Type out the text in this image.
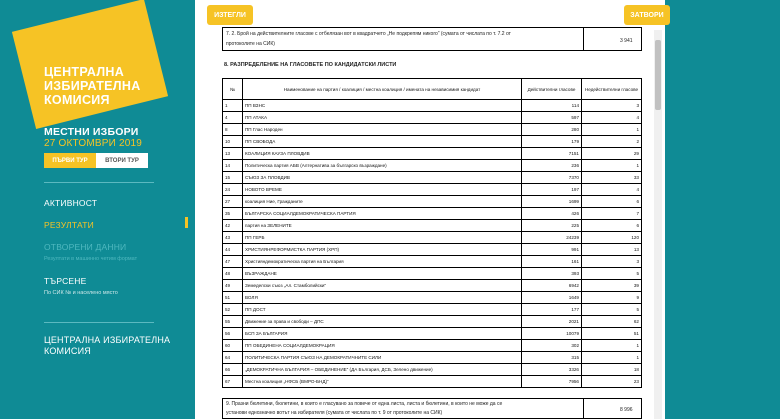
ЦЕНТРАЛНА
ИЗБИРАТЕЛНА
КОМИСИЯ
МЕСТНИ ИЗБОРИ
27 ОКТОМВРИ 2019
ПЪРВИ ТУР	ВТОРИ ТУР
АКТИВНОСТ
РЕЗУЛТАТИ
ОТВОРЕНИ ДАННИ
Резултати в машинно четим формат
ТЪРСЕНЕ
По СИК № и населено място
ЦЕНТРАЛНА ИЗБИРАТЕЛНА
КОМИСИЯ
ИЗТЕГЛИ	ЗАТВОРИ
7. 2. Брой на действителните гласове с отбелязан вот в квадратчето „Не подкрепям никого“ (сумата от числата по т. 7.2 от
протоколите на СИК)	3 941
8. РАЗПРЕДЕЛЕНИЕ НА ГЛАСОВЕТЕ ПО КАНДИДАТСКИ ЛИСТИ
№	Наименование на партия / коалиция / местна коалиция / имената на независимия кандидат	Действителни гласове	Недействителни гласове
1	ПП ВЗНС	114	3
4	ПП АТАКА	597	4
8	ПП Глас Народен	280	1
10	ПП СВОБОДА	179	2
13	КОАЛИЦИЯ КАУЗА ПЛОВДИВ	7151	29
14	Политическа партия АБВ (Алтернатива за българско възраждане)	236	1
15	СЪЮЗ ЗА ПЛОВДИВ	7370	33
24	НОВОТО ВРЕМЕ	197	4
27	коалиция Ние, Гражданите	1699	6
35	БЪЛГАРСКА СОЦИАЛДЕМОКРАТИЧЕСКА ПАРТИЯ	426	7
42	партия на ЗЕЛЕНИТЕ	225	6
43	ПП ГЕРБ	24239	120
44	ХРИСТИЯНРЕФОРМИСТКА ПАРТИЯ (ХРП)	991	13
47	Християндемократическа партия на България	161	3
48	ВЪЗРАЖДАНЕ	393	5
49	Земеделски съюз „Ал. Стамболийски“	6942	39
51	ВОЛЯ	1649	9
52	ПП ДОСТ	177	5
55	Движение за права и свободи – ДПС	2021	62
56	БСП ЗА БЪЛГАРИЯ	10079	51
60	ПП ОБЕДИНЕНА СОЦИАЛДЕМОКРАЦИЯ	302	1
64	ПОЛИТИЧЕСКА ПАРТИЯ СЪЮЗ НА ДЕМОКРАТИЧНИТЕ СИЛИ	315	1
66	„ДЕМОКРАТИЧНА БЪЛГАРИЯ – ОБЕДИНЕНИЕ“ (ДА България, ДСБ, Зелено движение)	3326	18
67	Местна коалиция „НФСБ (ВМРО-БНД)“	7956	23
9. Празни бюлетини, бюлетини, в които е гласувано за повече от една листа, листа и бюлетини, в които не може да се
установи еднозначно вотът на избирателя (сумата от числата по т. 9 от протоколите на СИК)	8 996
